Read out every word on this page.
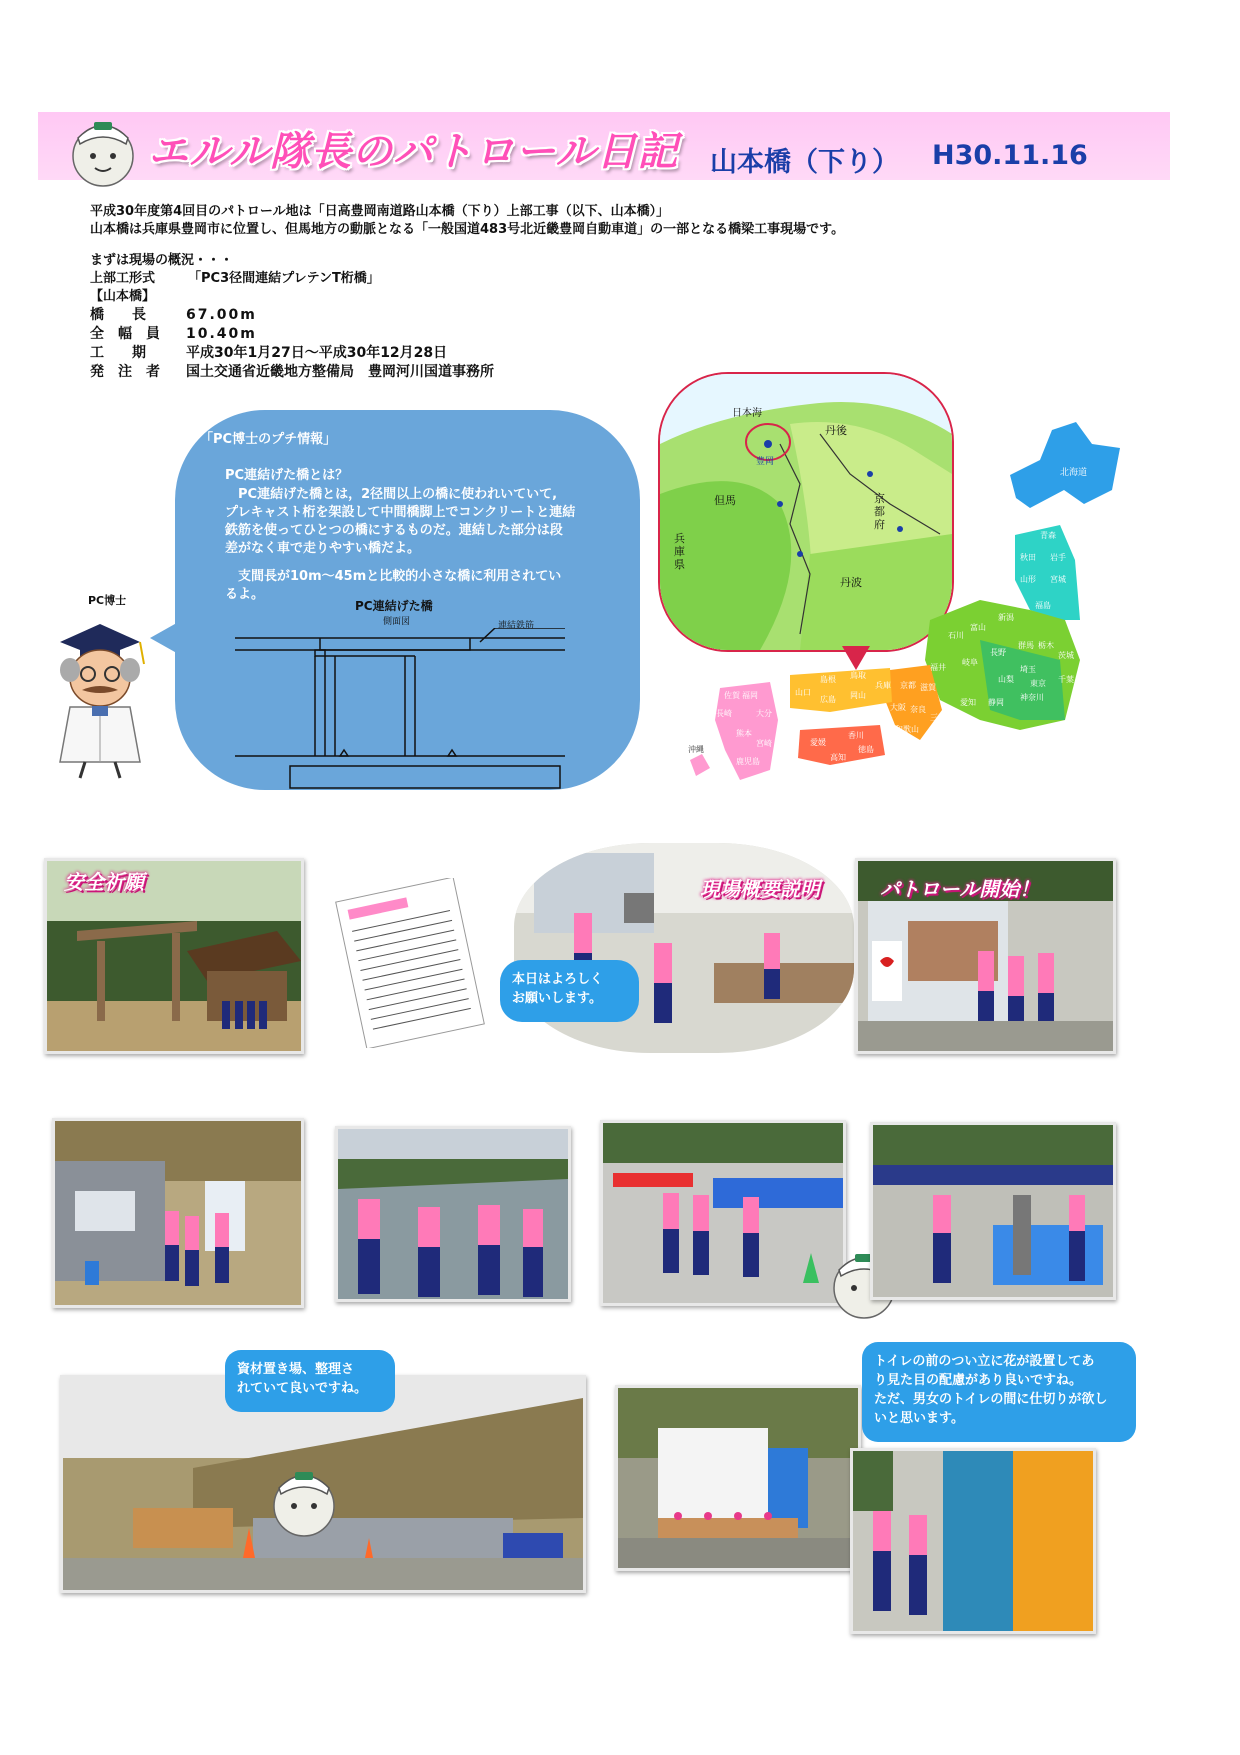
エルル隊長のパトロール日記 山本橋（下り） H30.11.16
平成30年度第4回目のパトロール地は「日高豊岡南道路山本橋（下り）上部工事（以下、山本橋）」
山本橋は兵庫県豊岡市に位置し、但馬地方の動脈となる「一般国道483号北近畿豊岡自動車道」の一部となる橋梁工事現場です。
まずは現場の概況・・・
上部工形式	「PC3径間連結プレテンT桁橋」
【山本橋】
橋　　長	67.00m
全　幅　員 10.40m
工　　期	平成30年1月27日～平成30年12月28日
発　注　者 国土交通省近畿地方整備局　豊岡河川国道事務所
PC博士
「PC博士のプチ情報」
PC連結げた橋とは？
　PC連結げた橋とは，2径間以上の橋に使われいていて,
プレキャスト桁を架設して中間橋脚上でコンクリートと連結
鉄筋を使ってひとつの橋にするものだ。連結した部分は段
差がなく車で走りやすい橋だよ。
　支間長が10m～45mと比較的小さな橋に利用されてい
るよ。
PC連結げた橋
側面図	連結鉄筋
日本海
丹後
但馬
丹波
兵庫県
京都府
豊岡
北海道
青森
秋田 岩手
山形 宮城
福島
新潟
富山
石川
長野
群馬 栃木
茨城
埼玉
東京 千葉
神奈川
山梨
静岡
岐阜
愛知
三重
滋賀
福井
京都
兵庫
大阪 奈良
和歌山
鳥取
岡山
島根
広島
山口
香川
愛媛
徳島
高知
福岡
佐賀
長崎	大分
熊本
宮崎
鹿児島
沖縄
安全祈願	現場概要説明
本日はよろしく
お願いします。
パトロール開始！
資材置き場、整理さ
れていて良いですね。
トイレの前のつい立に花が設置してあ
り見た目の配慮があり良いですね。
ただ、男女のトイレの間に仕切りが欲し
いと思います。
